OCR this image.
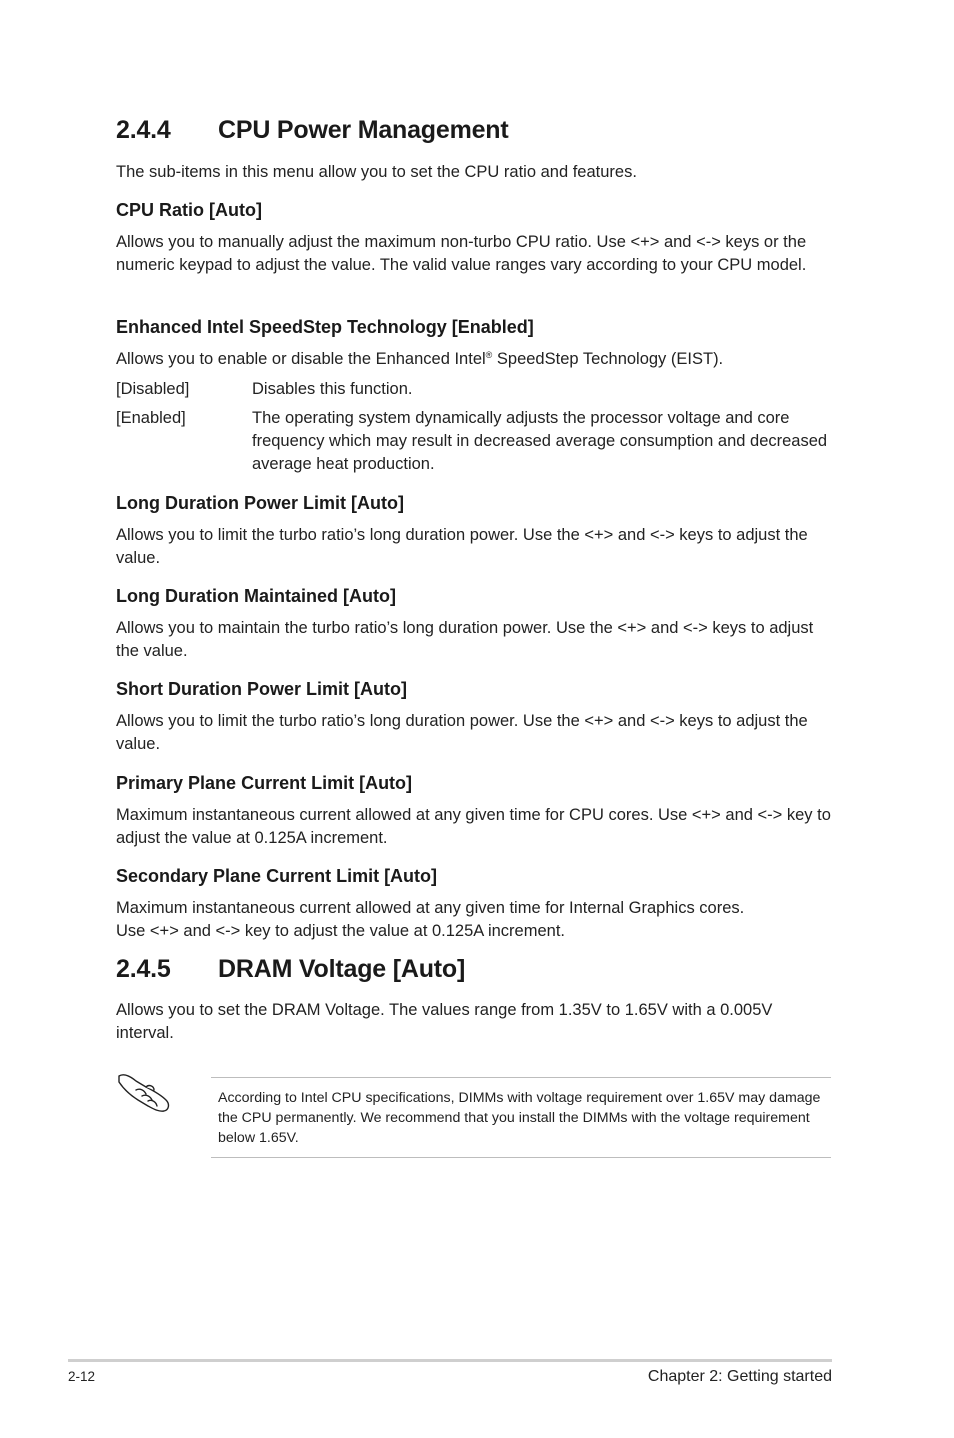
2.4.4 CPU Power Management
The sub-items in this menu allow you to set the CPU ratio and features.
CPU Ratio [Auto]
Allows you to manually adjust the maximum non-turbo CPU ratio. Use <+> and <-> keys or the numeric keypad to adjust the value. The valid value ranges vary according to your CPU model.
Enhanced Intel SpeedStep Technology [Enabled]
Allows you to enable or disable the Enhanced Intel® SpeedStep Technology (EIST).
[Disabled]	Disables this function.
[Enabled]	The operating system dynamically adjusts the processor voltage and core frequency which may result in decreased average consumption and decreased average heat production.
Long Duration Power Limit [Auto]
Allows you to limit the turbo ratio’s long duration power. Use the <+> and <-> keys to adjust the value.
Long Duration Maintained [Auto]
Allows you to maintain the turbo ratio’s long duration power. Use the <+> and <-> keys to adjust the value.
Short Duration Power Limit [Auto]
Allows you to limit the turbo ratio’s long duration power. Use the <+> and <-> keys to adjust the value.
Primary Plane Current Limit [Auto]
Maximum instantaneous current allowed at any given time for CPU cores. Use <+> and <-> key to adjust the value at 0.125A increment.
Secondary Plane Current Limit [Auto]
Maximum instantaneous current allowed at any given time for Internal Graphics cores.
Use <+> and <-> key to adjust the value at 0.125A increment.
2.4.5 DRAM Voltage [Auto]
Allows you to set the DRAM Voltage. The values range from 1.35V to 1.65V with a 0.005V interval.
According to Intel CPU specifications, DIMMs with voltage requirement over 1.65V may damage the CPU permanently. We recommend that you install the DIMMs with the voltage requirement below 1.65V.
2-12	Chapter 2: Getting started
